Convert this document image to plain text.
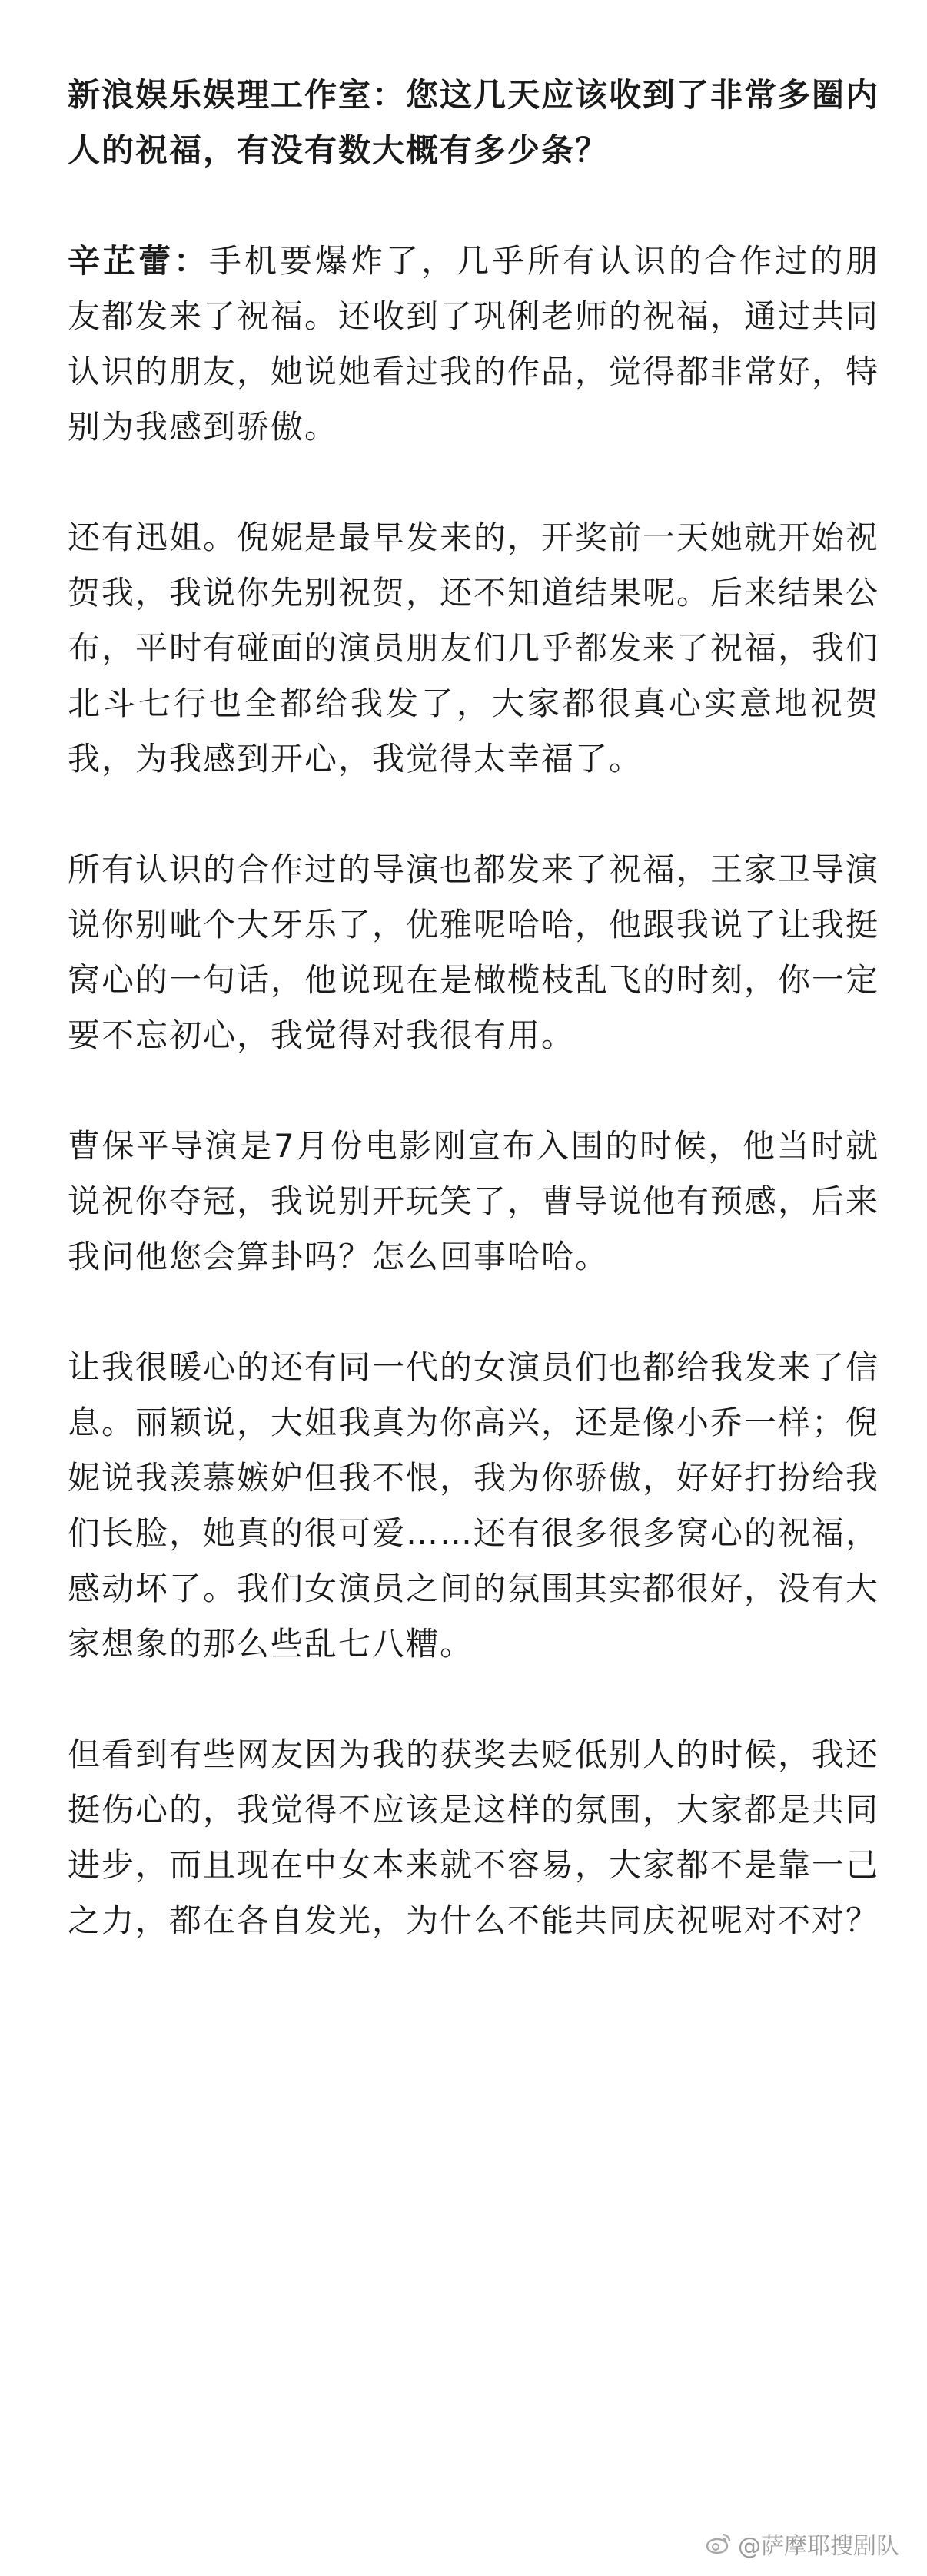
新浪娱乐娱理工作室：您这几天应该收到了非常多圈内人的祝福，有没有数大概有多少条？

辛芷蕾：手机要爆炸了，几乎所有认识的合作过的朋友都发来了祝福。还收到了巩俐老师的祝福，通过共同认识的朋友，她说她看过我的作品，觉得都非常好，特别为我感到骄傲。

还有迅姐。倪妮是最早发来的，开奖前一天她就开始祝贺我，我说你先别祝贺，还不知道结果呢。后来结果公布，平时有碰面的演员朋友们几乎都发来了祝福，我们北斗七行也全都给我发了，大家都很真心实意地祝贺我，为我感到开心，我觉得太幸福了。

所有认识的合作过的导演也都发来了祝福，王家卫导演说你别呲个大牙乐了，优雅呢哈哈，他跟我说了让我挺窝心的一句话，他说现在是橄榄枝乱飞的时刻，你一定要不忘初心，我觉得对我很有用。

曹保平导演是7月份电影刚宣布入围的时候，他当时就说祝你夺冠，我说别开玩笑了，曹导说他有预感，后来我问他您会算卦吗？怎么回事哈哈。

让我很暖心的还有同一代的女演员们也都给我发来了信息。丽颖说，大姐我真为你高兴，还是像小乔一样；倪妮说我羡慕嫉妒但我不恨，我为你骄傲，好好打扮给我们长脸，她真的很可爱……还有很多很多窝心的祝福，感动坏了。我们女演员之间的氛围其实都很好，没有大家想象的那么些乱七八糟。

但看到有些网友因为我的获奖去贬低别人的时候，我还挺伤心的，我觉得不应该是这样的氛围，大家都是共同进步，而且现在中女本来就不容易，大家都不是靠一己之力，都在各自发光，为什么不能共同庆祝呢对不对？

@萨摩耶搜剧队
